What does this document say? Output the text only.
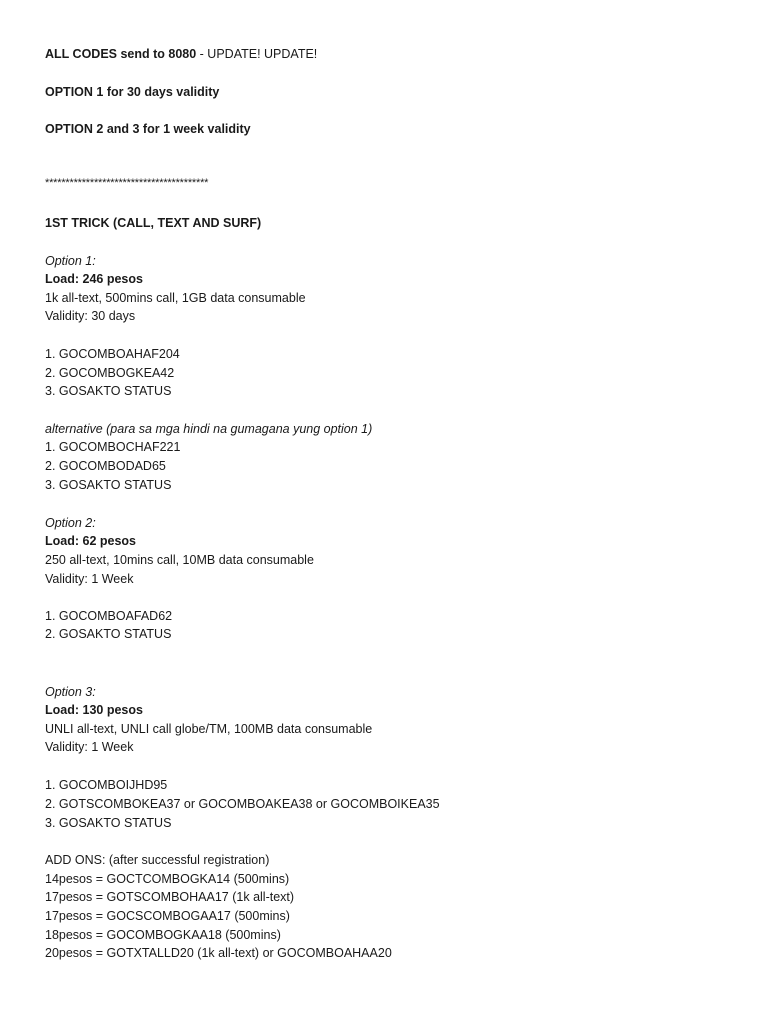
ALL CODES send to 8080 - UPDATE! UPDATE!
OPTION 1 for 30 days validity
OPTION 2 and 3 for 1 week validity
****************************************
1ST TRICK (CALL, TEXT AND SURF)
Option 1:
Load: 246 pesos
1k all-text, 500mins call, 1GB data consumable
Validity: 30 days
1. GOCOMBOAHAF204
2. GOCOMBOGKEA42
3. GOSAKTO STATUS
alternative (para sa mga hindi na gumagana yung option 1)
1. GOCOMBOCHAF221
2. GOCOMBODAD65
3. GOSAKTO STATUS
Option 2:
Load: 62 pesos
250 all-text, 10mins call, 10MB data consumable
Validity: 1 Week
1. GOCOMBOAFAD62
2. GOSAKTO STATUS
Option 3:
Load: 130 pesos
UNLI all-text, UNLI call globe/TM, 100MB data consumable
Validity: 1 Week
1. GOCOMBOIJHD95
2. GOTSCOMBOKEA37 or GOCOMBOAKEA38 or GOCOMBOIKEA35
3. GOSAKTO STATUS
ADD ONS: (after successful registration)
14pesos = GOCTCOMBOGKA14 (500mins)
17pesos = GOTSCOMBOHAA17 (1k all-text)
17pesos = GOCSCOMBOGAA17 (500mins)
18pesos = GOCOMBOGKAA18 (500mins)
20pesos = GOTXTALLD20 (1k all-text) or GOCOMBOAHAA20
